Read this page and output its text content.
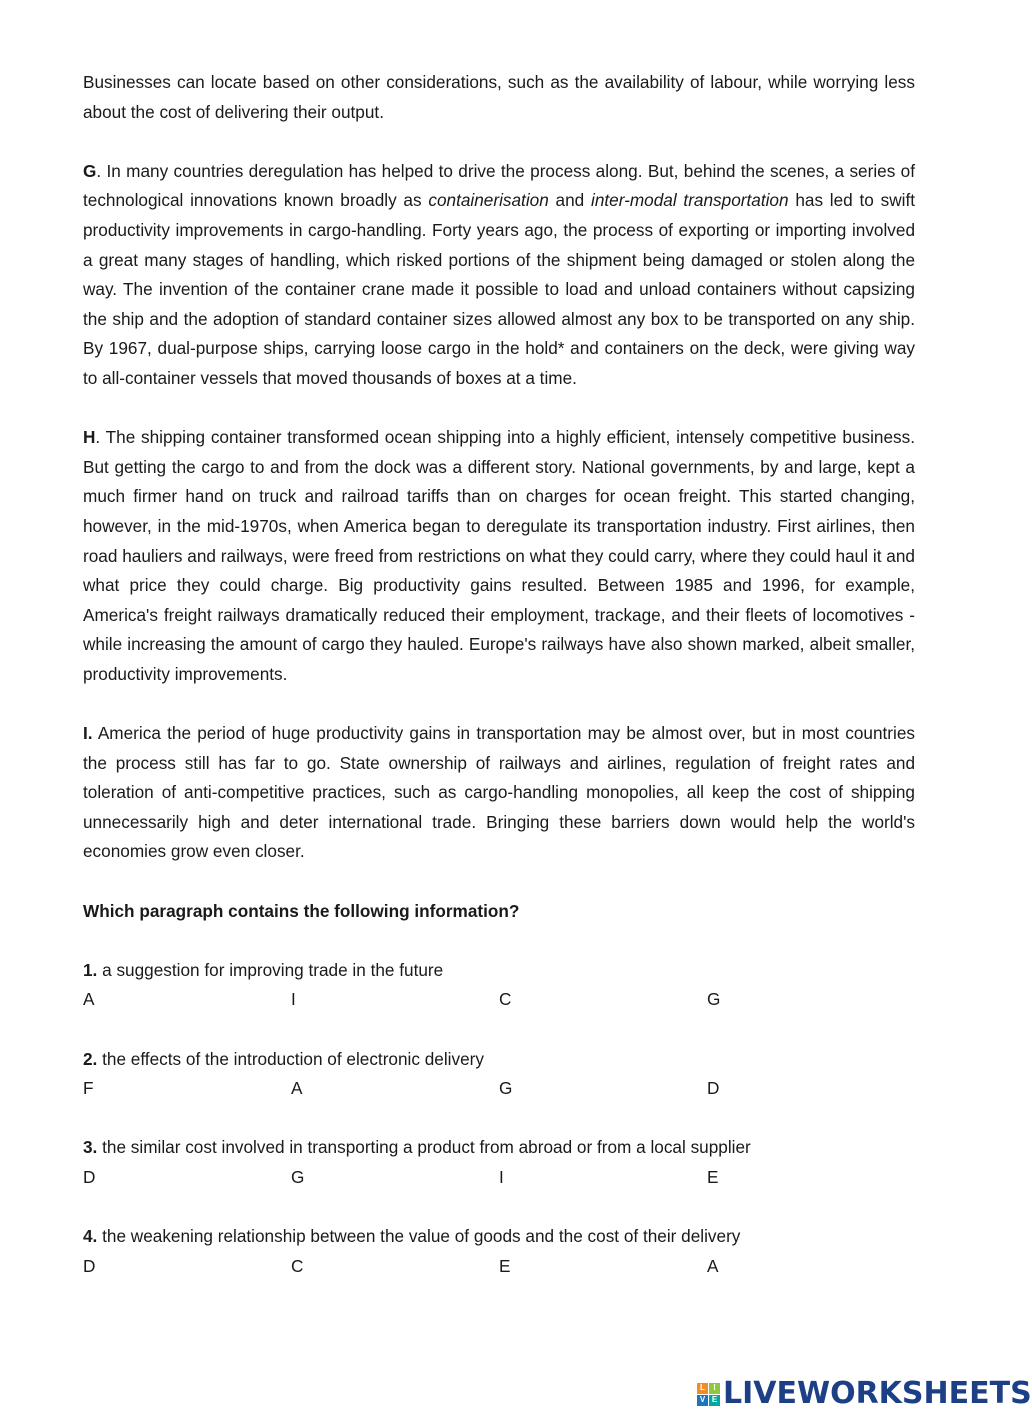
Businesses can locate based on other considerations, such as the availability of labour, while worrying less about the cost of delivering their output.

G. In many countries deregulation has helped to drive the process along. But, behind the scenes, a series of technological innovations known broadly as containerisation and inter-modal transportation has led to swift productivity improvements in cargo-handling. Forty years ago, the process of exporting or importing involved a great many stages of handling, which risked portions of the shipment being damaged or stolen along the way. The invention of the container crane made it possible to load and unload containers without capsizing the ship and the adoption of standard container sizes allowed almost any box to be transported on any ship. By 1967, dual-purpose ships, carrying loose cargo in the hold* and containers on the deck, were giving way to all-container vessels that moved thousands of boxes at a time.

H. The shipping container transformed ocean shipping into a highly efficient, intensely competitive business. But getting the cargo to and from the dock was a different story. National governments, by and large, kept a much firmer hand on truck and railroad tariffs than on charges for ocean freight. This started changing, however, in the mid-1970s, when America began to deregulate its transportation industry. First airlines, then road hauliers and railways, were freed from restrictions on what they could carry, where they could haul it and what price they could charge. Big productivity gains resulted. Between 1985 and 1996, for example, America's freight railways dramatically reduced their employment, trackage, and their fleets of locomotives - while increasing the amount of cargo they hauled. Europe's railways have also shown marked, albeit smaller, productivity improvements.

I. America the period of huge productivity gains in transportation may be almost over, but in most countries the process still has far to go. State ownership of railways and airlines, regulation of freight rates and toleration of anti-competitive practices, such as cargo-handling monopolies, all keep the cost of shipping unnecessarily high and deter international trade. Bringing these barriers down would help the world's economies grow even closer.

Which paragraph contains the following information?

1. a suggestion for improving trade in the future

A	I	C	G

2. the effects of the introduction of electronic delivery

F	A	G	D

3. the similar cost involved in transporting a product from abroad or from a local supplier

D	G	I	E

4. the weakening relationship between the value of goods and the cost of their delivery

D	C	E	A
L	I
V E LIVEWORKSHEETS
